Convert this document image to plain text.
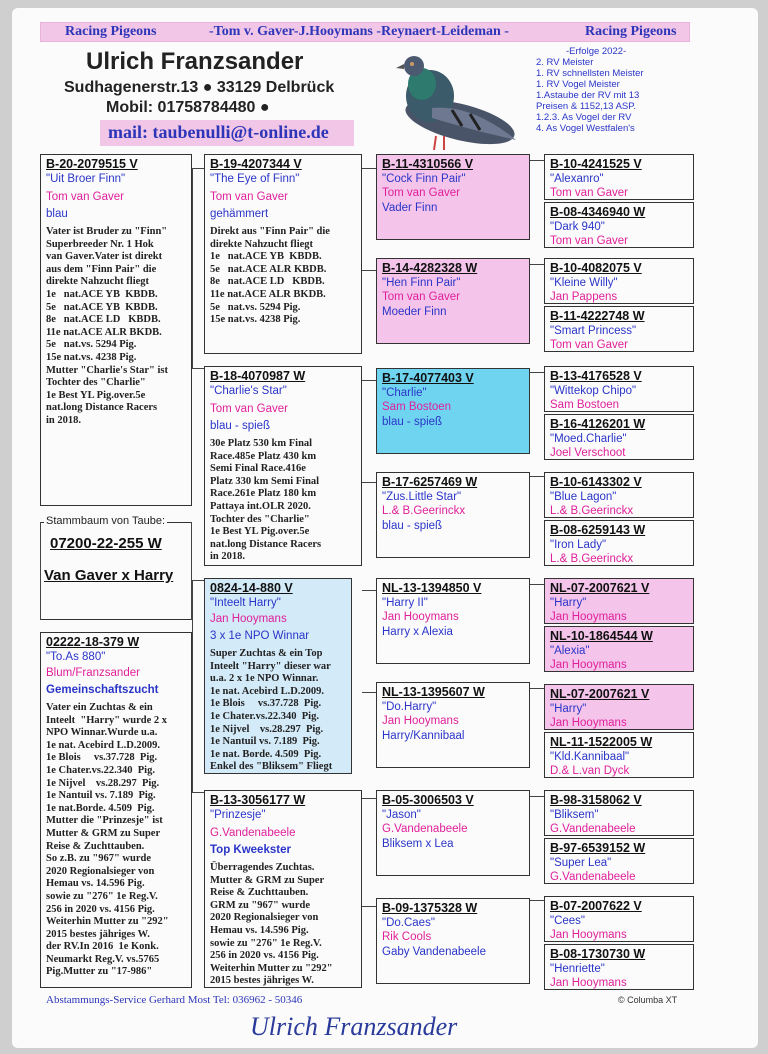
Racing Pigeons	-Tom v. Gaver-J.Hooymans -Reynaert-Leideman -	Racing Pigeons
Ulrich Franzsander
Sudhagenerstr.13 ● 33129 Delbrück
Mobil: 01758784480 ●
mail: taubenulli@t-online.de
-Erfolge 2022-
2. RV Meister
1. RV schnellsten Meister
1. RV Vogel Meister
1.Astaube der RV mit 13
Preisen & 1152,13 ASP.
1.2.3. As Vogel der RV
4. As Vogel Westfalen's
B-20-2079515 V
"Uit Broer Finn"
Tom van Gaver
blau
Vater ist Bruder zu "Finn"
Superbreeder Nr. 1 Hok
van Gaver.Vater ist direkt
aus dem "Finn Pair" die
direkte Nahzucht fliegt
1e   nat.ACE YB  KBDB.
5e   nat.ACE YB  KBDB.
8e   nat.ACE LD   KBDB.
11e nat.ACE ALR BKDB.
5e   nat.vs. 5294 Pig.
15e nat.vs. 4238 Pig.
Mutter "Charlie's Star" ist
Tochter des "Charlie"
1e Best YL Pig.over.5e
nat.long Distance Racers
in 2018.
Stammbaum von Taube:
07200-22-255 W
Van Gaver x Harry
02222-18-379 W
"To.As 880"
Blum/Franzsander
Gemeinschaftszucht
Vater ein Zuchtas & ein
Inteelt  "Harry" wurde 2 x
NPO Winnar.Wurde u.a.
1e nat. Acebird L.D.2009.
1e Blois     vs.37.728  Pig.
1e Chater.vs.22.340  Pig.
1e Nijvel    vs.28.297  Pig.
1e Nantuil vs. 7.189  Pig.
1e nat.Borde. 4.509  Pig.
Mutter die "Prinzesje" ist
Mutter & GRM zu Super
Reise & Zuchttauben.
So z.B. zu "967" wurde
2020 Regionalsieger von
Hemau vs. 14.596 Pig.
sowie zu "276" 1e Reg.V.
256 in 2020 vs. 4156 Pig.
Weiterhin Mutter zu "292"
2015 bestes jähriges W.
der RV.In 2016  1e Konk.
Neumarkt Reg.V. vs.5765
Pig.Mutter zu "17-986"
B-19-4207344 V
"The Eye of Finn"
Tom van Gaver
gehämmert
Direkt aus "Finn Pair" die
direkte Nahzucht fliegt
1e   nat.ACE YB  KBDB.
5e   nat.ACE ALR KBDB.
8e   nat.ACE LD   KBDB.
11e nat.ACE ALR BKDB.
5e   nat.vs. 5294 Pig.
15e nat.vs. 4238 Pig.
B-18-4070987 W
"Charlie's Star"
Tom van Gaver
blau - spieß
30e Platz 530 km Final
Race.485e Platz 430 km
Semi Final Race.416e
Platz 330 km Semi Final
Race.261e Platz 180 km
Pattaya int.OLR 2020.
Tochter des "Charlie"
1e Best YL Pig.over.5e
nat.long Distance Racers
in 2018.
0824-14-880 V
"Inteelt Harry"
Jan Hooymans
3 x 1e NPO Winnar
Super Zuchtas & ein Top
Inteelt "Harry" dieser war
u.a. 2 x 1e NPO Winnar.
1e nat. Acebird L.D.2009.
1e Blois     vs.37.728  Pig.
1e Chater.vs.22.340  Pig.
1e Nijvel    vs.28.297  Pig.
1e Nantuil vs. 7.189  Pig.
1e nat. Borde. 4.509  Pig.
Enkel des "Bliksem" Fliegt
B-13-3056177 W
"Prinzesje"
G.Vandenabeele
Top Kweekster
Überragendes Zuchtas.
Mutter & GRM zu Super
Reise & Zuchttauben.
GRM zu "967" wurde
2020 Regionalsieger von
Hemau vs. 14.596 Pig.
sowie zu "276" 1e Reg.V.
256 in 2020 vs. 4156 Pig.
Weiterhin Mutter zu "292"
2015 bestes jähriges W.
B-11-4310566 V
"Cock Finn Pair"
Tom van Gaver
Vader Finn
B-14-4282328 W
"Hen Finn Pair"
Tom van Gaver
Moeder Finn
B-17-4077403 V
"Charlie"
Sam Bostoen
blau - spieß
B-17-6257469 W
"Zus.Little Star"
L.& B.Geerinckx
blau - spieß
NL-13-1394850 V
"Harry II"
Jan Hooymans
Harry x Alexia
NL-13-1395607 W
"Do.Harry"
Jan Hooymans
Harry/Kannibaal
B-05-3006503 V
"Jason"
G.Vandenabeele
Bliksem x Lea
B-09-1375328 W
"Do.Caes"
Rik Cools
Gaby Vandenabeele
B-10-4241525 V
"Alexanro"
Tom van Gaver
B-08-4346940 W
"Dark 940"
Tom van Gaver
B-10-4082075 V
"Kleine Willy"
Jan Pappens
B-11-4222748 W
"Smart Princess"
Tom van Gaver
B-13-4176528 V
"Wittekop Chipo"
Sam Bostoen
B-16-4126201 W
"Moed.Charlie"
Joel Verschoot
B-10-6143302 V
"Blue Lagon"
L.& B.Geerinckx
B-08-6259143 W
"Iron Lady"
L.& B.Geerinckx
NL-07-2007621 V
"Harry"
Jan Hooymans
NL-10-1864544 W
"Alexia"
Jan Hooymans
NL-07-2007621 V
"Harry"
Jan Hooymans
NL-11-1522005 W
"Kld.Kannibaal"
D.& L.van Dyck
B-98-3158062 V
"Bliksem"
G.Vandenabeele
B-97-6539152 W
"Super Lea"
G.Vandenabeele
B-07-2007622 V
"Cees"
Jan Hooymans
B-08-1730730 W
"Henriette"
Jan Hooymans
Abstammungs-Service Gerhard Most Tel: 036962 - 50346	© Columba XT
Ulrich Franzsander
